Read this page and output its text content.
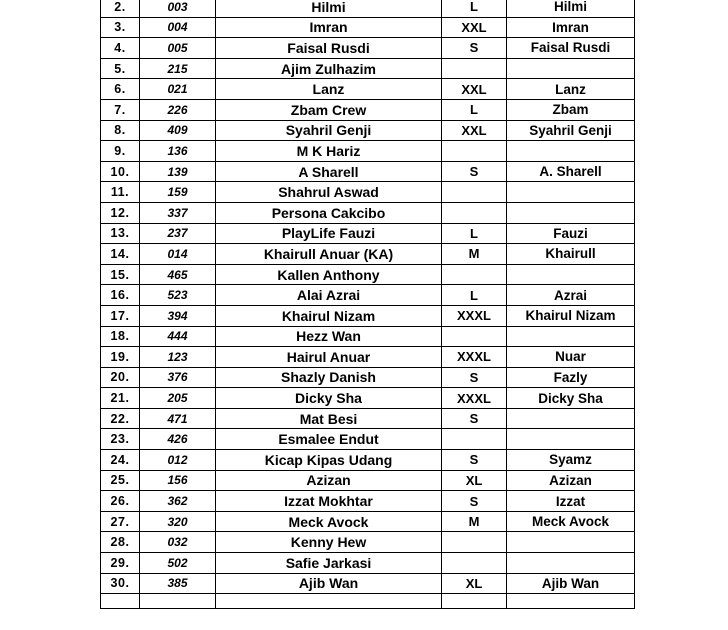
2.	003	Hilmi	L	Hilmi
3.	004	Imran	XXL	Imran
4.	005	Faisal Rusdi	S	Faisal Rusdi
5.	215	Ajim Zulhazim		
6.	021	Lanz	XXL	Lanz
7.	226	Zbam Crew	L	Zbam
8.	409	Syahril Genji	XXL	Syahril Genji
9.	136	M K Hariz		
10.	139	A Sharell	S	A. Sharell
11.	159	Shahrul Aswad		
12.	337	Persona Cakcibo		
13.	237	PlayLife Fauzi	L	Fauzi
14.	014	Khairull Anuar (KA)	M	Khairull
15.	465	Kallen Anthony		
16.	523	Alai Azrai	L	Azrai
17.	394	Khairul Nizam	XXXL	Khairul Nizam
18.	444	Hezz Wan		
19.	123	Hairul Anuar	XXXL	Nuar
20.	376	Shazly Danish	S	Fazly
21.	205	Dicky Sha	XXXL	Dicky Sha
22.	471	Mat Besi	S	
23.	426	Esmalee Endut		
24.	012	Kicap Kipas Udang	S	Syamz
25.	156	Azizan	XL	Azizan
26.	362	Izzat Mokhtar	S	Izzat
27.	320	Meck Avock	M	Meck Avock
28.	032	Kenny Hew		
29.	502	Safie Jarkasi		
30.	385	Ajib Wan	XL	Ajib Wan
